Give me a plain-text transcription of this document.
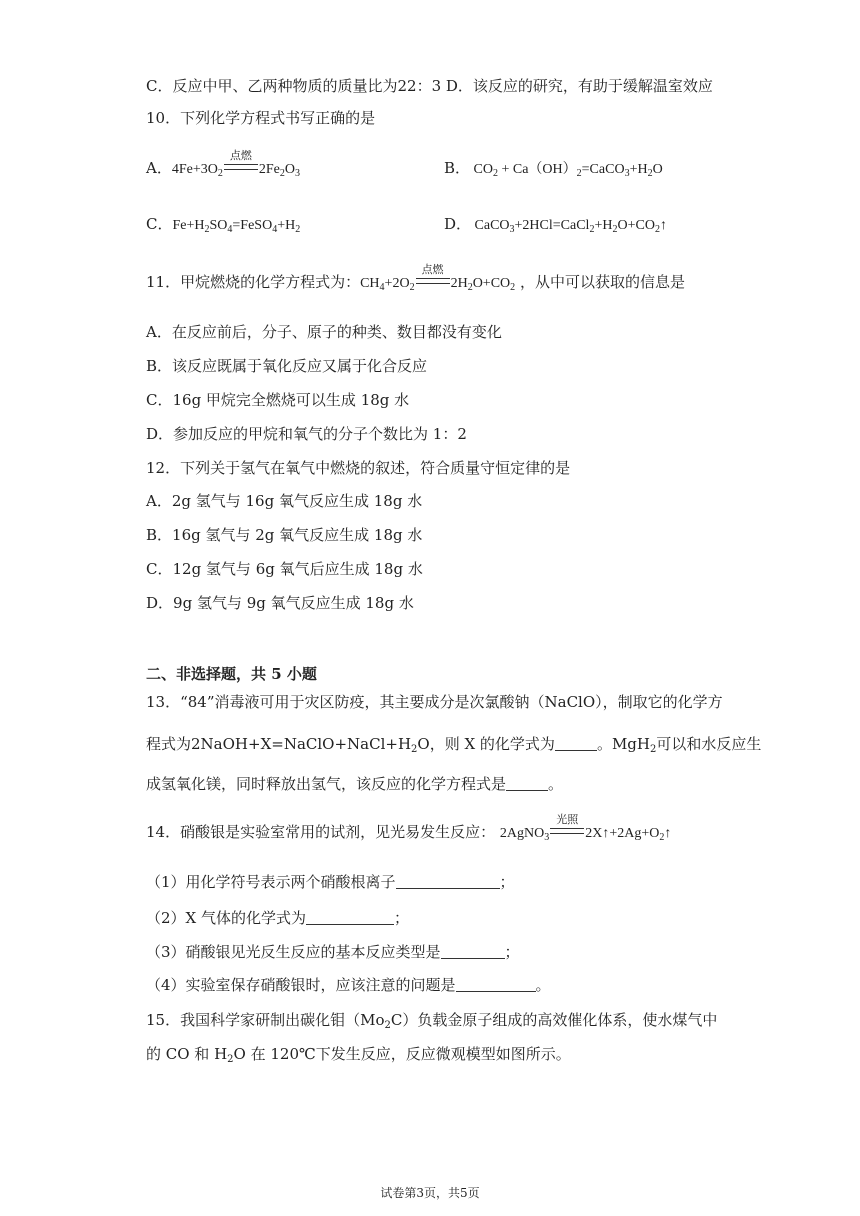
C．反应中甲、乙两种物质的质量比为22：3 D．该反应的研究，有助于缓解温室效应
10．下列化学方程式书写正确的是
A．$4Fe+3O_2$
点燃
$2Fe_2O_3$	B． $CO_2$ + $Ca(OH)_2=CaCO_3+H_2O$
C．$Fe+H_2SO_4=FeSO_4+H_2$	D． $CaCO_3+2HCl=CaCl_2+H_2O+CO_2↑$
11．甲烷燃烧的化学方程式为：$CH_4+2O_2$
点燃
$2H_2O+CO_2$ ，从中可以获取的信息是
A．在反应前后，分子、原子的种类、数目都没有变化
B．该反应既属于氧化反应又属于化合反应
C．16g 甲烷完全燃烧可以生成 18g 水
D．参加反应的甲烷和氧气的分子个数比为 1：2
12．下列关于氢气在氧气中燃烧的叙述，符合质量守恒定律的是
A．2g 氢气与 16g 氧气反应生成 18g 水
B．16g 氢气与 2g 氧气反应生成 18g 水
C．12g 氢气与 6g 氧气后应生成 18g 水
D．9g 氢气与 9g 氧气反应生成 18g 水
二、非选择题，共 5 小题
13．“84”消毒液可用于灾区防疫，其主要成分是次氯酸钠（NaClO），制取它的化学方
程式为$2NaOH+X=NaClO+NaCl+H_2O$，则 X 的化学式为	。MgH$_2$可以和水反应生
成氢氧化镁，同时释放出氢气，该反应的化学方程式是	。
14．硝酸银是实验室常用的试剂，见光易发生反应： 2AgNO$_3$
光照
$2X↑+2Ag+O_2↑$
（1）用化学符号表示两个硝酸根离子	；
（2）X 气体的化学式为	；
（3）硝酸银见光反生反应的基本反应类型是	；
（4）实验室保存硝酸银时，应该注意的问题是	。
15．我国科学家研制出碳化钼$(Mo_2C)$负载金原子组成的高效催化体系，使水煤气中
的 CO 和 $H_2O$ 在 120℃下发生反应，反应微观模型如图所示。
试卷第3页，共5页
